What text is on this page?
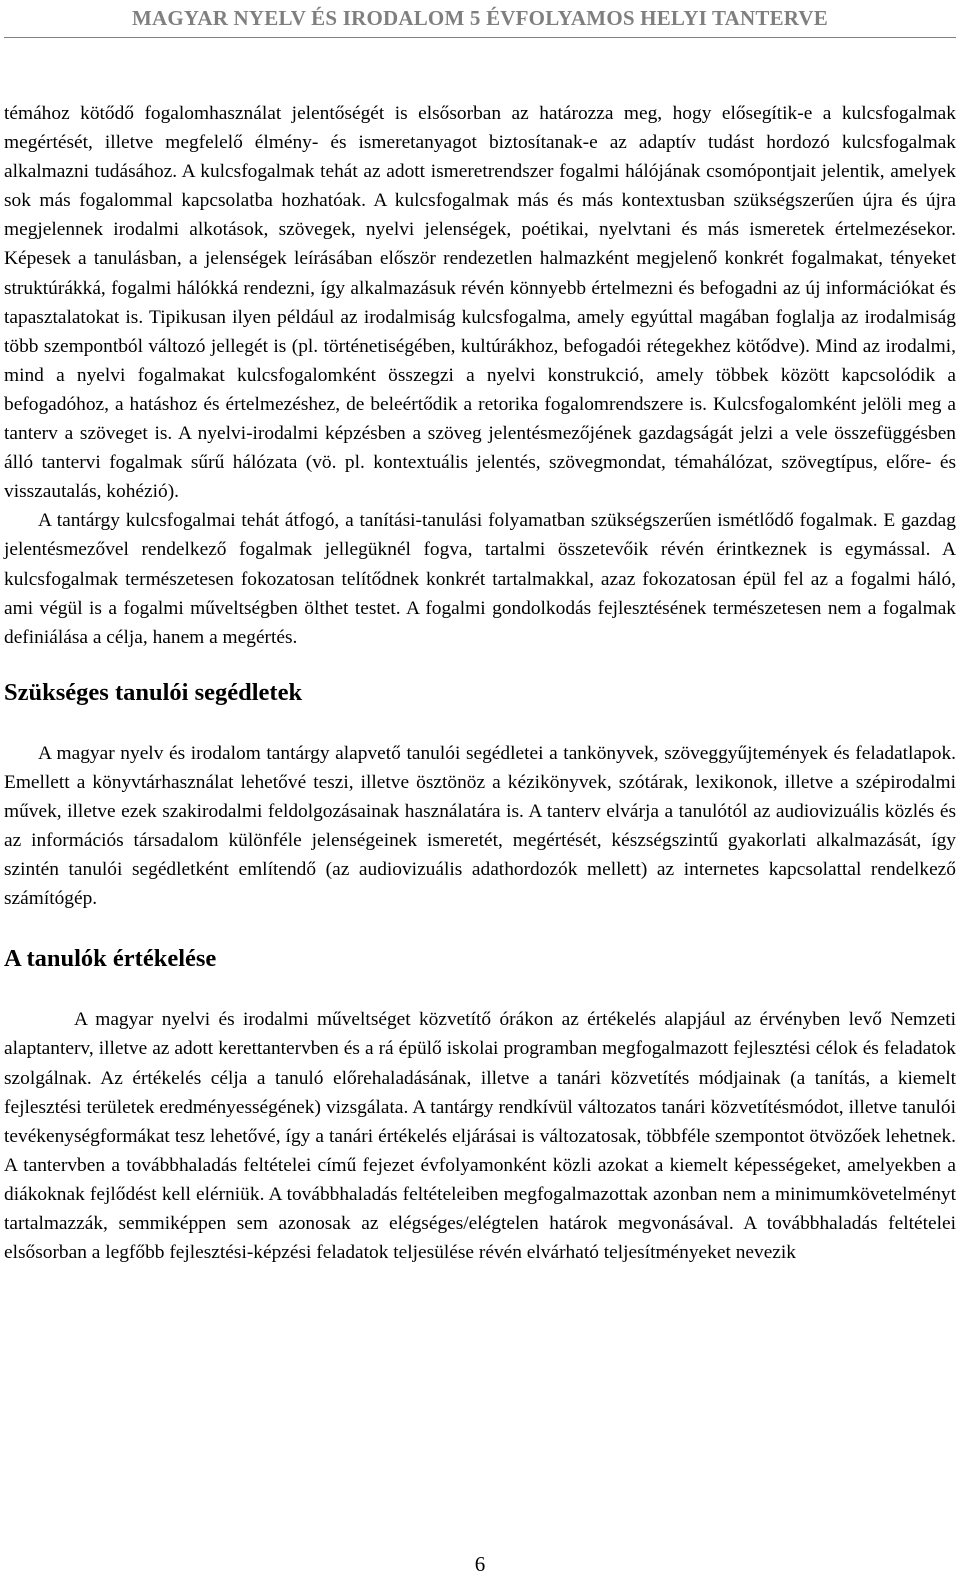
MAGYAR NYELV ÉS IRODALOM 5 ÉVFOLYAMOS HELYI TANTERVE

témához kötődő fogalomhasználat jelentőségét is elsősorban az határozza meg, hogy elősegítik-e a kulcsfogalmak megértését, illetve megfelelő élmény- és ismeretanyagot biztosítanak-e az adaptív tudást hordozó kulcsfogalmak alkalmazni tudásához. A kulcsfogalmak tehát az adott ismeretrendszer fogalmi hálójának csomópontjait jelentik, amelyek sok más fogalommal kapcsolatba hozhatóak. A kulcsfogalmak más és más kontextusban szükségszerűen újra és újra megjelennek irodalmi alkotások, szövegek, nyelvi jelenségek, poétikai, nyelvtani és más ismeretek értelmezésekor. Képesek a tanulásban, a jelenségek leírásában először rendezetlen halmazként megjelenő konkrét fogalmakat, tényeket struktúrákká, fogalmi hálókká rendezni, így alkalmazásuk révén könnyebb értelmezni és befogadni az új információkat és tapasztalatokat is. Tipikusan ilyen például az irodalmiság kulcsfogalma, amely egyúttal magában foglalja az irodalmiság több szempontból változó jellegét is (pl. történetiségében, kultúrákhoz, befogadói rétegekhez kötődve). Mind az irodalmi, mind a nyelvi fogalmakat kulcsfogalomként összegzi a nyelvi konstrukció, amely többek között kapcsolódik a befogadóhoz, a hatáshoz és értelmezéshez, de beleértődik a retorika fogalomrendszere is. Kulcsfogalomként jelöli meg a tanterv a szöveget is. A nyelvi-irodalmi képzésben a szöveg jelentésmezőjének gazdagságát jelzi a vele összefüggésben álló tantervi fogalmak sűrű hálózata (vö. pl. kontextuális jelentés, szövegmondat, témahálózat, szövegtípus, előre- és visszautalás, kohézió).

A tantárgy kulcsfogalmai tehát átfogó, a tanítási-tanulási folyamatban szükségszerűen ismétlődő fogalmak. E gazdag jelentésmezővel rendelkező fogalmak jellegüknél fogva, tartalmi összetevőik révén érintkeznek is egymással. A kulcsfogalmak természetesen fokozatosan telítődnek konkrét tartalmakkal, azaz fokozatosan épül fel az a fogalmi háló, ami végül is a fogalmi műveltségben ölthet testet. A fogalmi gondolkodás fejlesztésének természetesen nem a fogalmak definiálása a célja, hanem a megértés.

Szükséges tanulói segédletek

A magyar nyelv és irodalom tantárgy alapvető tanulói segédletei a tankönyvek, szöveggyűjtemények és feladatlapok. Emellett a könyvtárhasználat lehetővé teszi, illetve ösztönöz a kézikönyvek, szótárak, lexikonok, illetve a szépirodalmi művek, illetve ezek szakirodalmi feldolgozásainak használatára is. A tanterv elvárja a tanulótól az audiovizuális közlés és az információs társadalom különféle jelenségeinek ismeretét, megértését, készségszintű gyakorlati alkalmazását, így szintén tanulói segédletként említendő (az audiovizuális adathordozók mellett) az internetes kapcsolattal rendelkező számítógép.

A tanulók értékelése

A magyar nyelvi és irodalmi műveltséget közvetítő órákon az értékelés alapjául az érvényben levő Nemzeti alaptanterv, illetve az adott kerettantervben és a rá épülő iskolai programban megfogalmazott fejlesztési célok és feladatok szolgálnak. Az értékelés célja a tanuló előrehaladásának, illetve a tanári közvetítés módjainak (a tanítás, a kiemelt fejlesztési területek eredményességének) vizsgálata. A tantárgy rendkívül változatos tanári közvetítésmódot, illetve tanulói tevékenységformákat tesz lehetővé, így a tanári értékelés eljárásai is változatosak, többféle szempontot ötvözőek lehetnek. A tantervben a továbbhaladás feltételei című fejezet évfolyamonként közli azokat a kiemelt képességeket, amelyekben a diákoknak fejlődést kell elérniük. A továbbhaladás feltételeiben megfogalmazottak azonban nem a minimumkövetelményt tartalmazzák, semmiképpen sem azonosak az elégséges/elégtelen határok megvonásával. A továbbhaladás feltételei elsősorban a legfőbb fejlesztési-képzési feladatok teljesülése révén elvárható teljesítményeket nevezik

6
